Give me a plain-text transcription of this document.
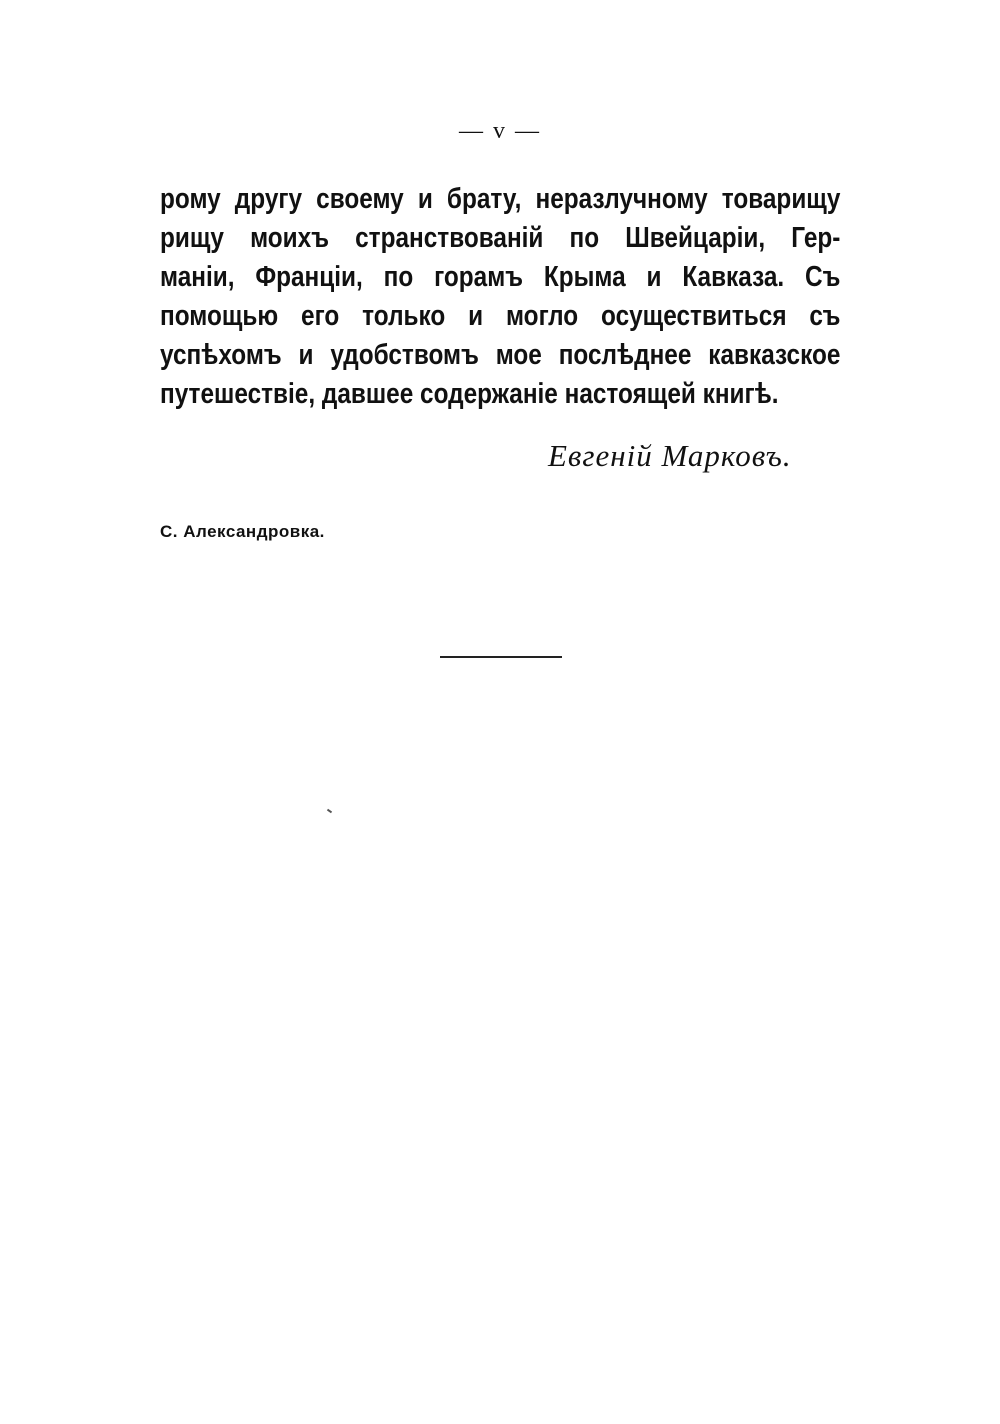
— v —
рому другу своему и брату, неразлучному товарищу
рищу моихъ странствованій по Швейцаріи, Гер-
маніи, Франціи, по горамъ Крыма и Кавказа. Съ
помощью его только и могло осуществиться съ
успѣхомъ и удобствомъ мое послѣднее кавказское
путешествіе, давшее содержаніе настоящей книгѣ.
Евгеній Марковъ.
С. Александровка.
